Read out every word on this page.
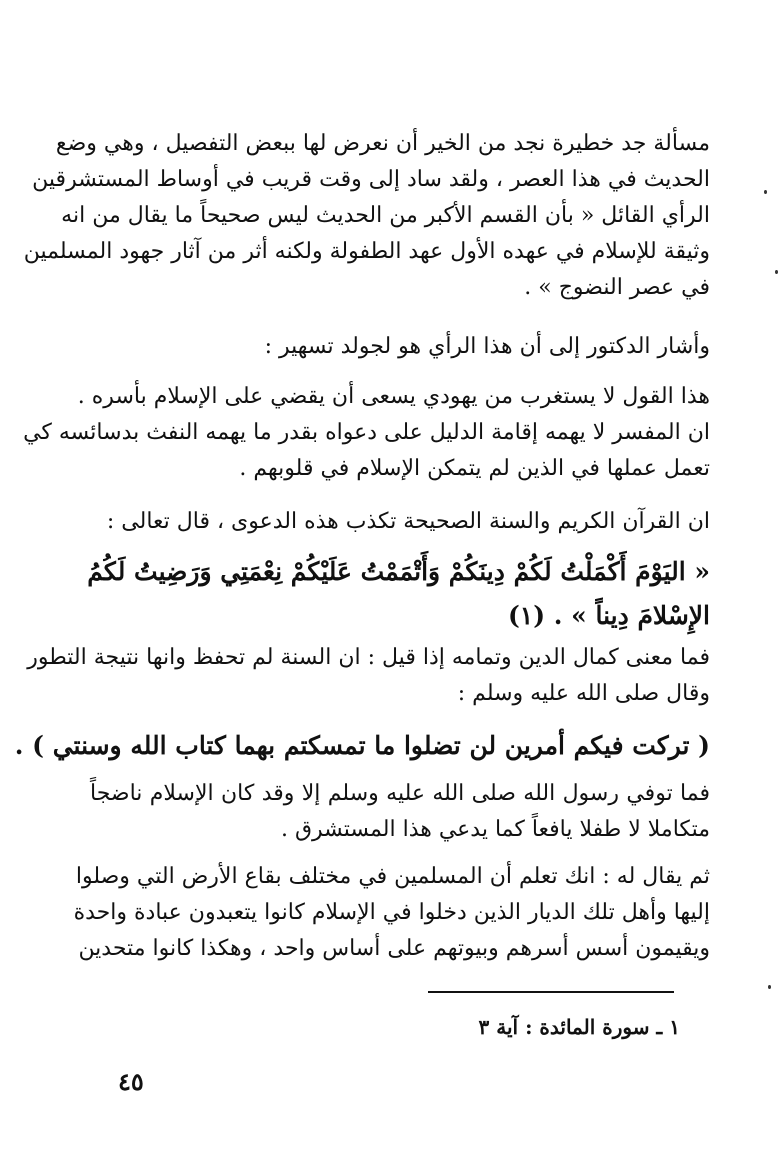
مسألة جد خطيرة نجد من الخير أن نعرض لها ببعض التفصيل ، وهي وضع
الحديث في هذا العصر ، ولقد ساد إلى وقت قريب في أوساط المستشرقين
الرأي القائل « بأن القسم الأكبر من الحديث ليس صحيحاً ما يقال من انه
وثيقة للإسلام في عهده الأول عهد الطفولة ولكنه أثر من آثار جهود المسلمين
في عصر النضوج » .
وأشار الدكتور إلى أن هذا الرأي هو لجولد تسهير :
هذا القول لا يستغرب من يهودي يسعى أن يقضي على الإسلام بأسره .
ان المفسر لا يهمه إقامة الدليل على دعواه بقدر ما يهمه النفث بدسائسه كي
تعمل عملها في الذين لم يتمكن الإسلام في قلوبهم .
ان القرآن الكريم والسنة الصحيحة تكذب هذه الدعوى ، قال تعالى :
« اليَوْمَ أَكْمَلْتُ لَكُمْ دِينَكُمْ وَأَتْمَمْتُ عَلَيْكُمْ نِعْمَتِي وَرَضِيتُ لَكُمُ
الإِسْلامَ دِيناً » . (١)
فما معنى كمال الدين وتمامه إذا قيل : ان السنة لم تحفظ وانها نتيجة التطور
وقال صلى الله عليه وسلم :
( تركت فيكم أمرين لن تضلوا ما تمسكتم بهما كتاب الله وسنتي ) .
فما توفي رسول الله صلى الله عليه وسلم إلا وقد كان الإسلام ناضجاً
متكاملا لا طفلا يافعاً كما يدعي هذا المستشرق .
ثم يقال له : انك تعلم أن المسلمين في مختلف بقاع الأرض التي وصلوا
إليها وأهل تلك الديار الذين دخلوا في الإسلام كانوا يتعبدون عبادة واحدة
ويقيمون أسس أسرهم وبيوتهم على أساس واحد ، وهكذا كانوا متحدين
١ ـ سورة المائدة : آية ٣
٤٥
